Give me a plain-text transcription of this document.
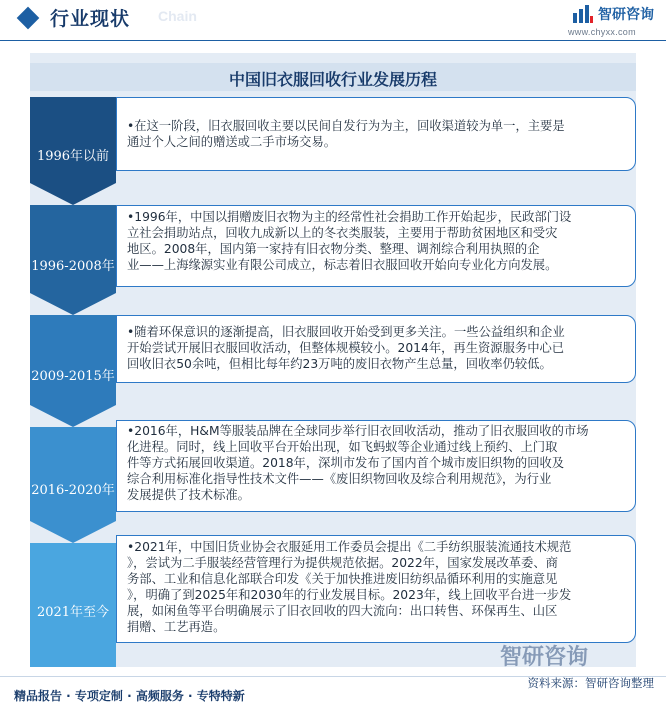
行业现状 Chain	智研咨询
www.chyxx.com
中国旧衣服回收行业发展历程
1996年以前
•在这一阶段，旧衣服回收主要以民间自发行为为主，回收渠道较为单一，主要是
通过个人之间的赠送或二手市场交易。
1996-2008年
•1996年，中国以捐赠废旧衣物为主的经常性社会捐助工作开始起步，民政部门设
立社会捐助站点，回收九成新以上的冬衣类服装，主要用于帮助贫困地区和受灾
地区。2008年，国内第一家持有旧衣物分类、整理、调剂综合利用执照的企
业——上海缘源实业有限公司成立，标志着旧衣服回收开始向专业化方向发展。
2009-2015年
•随着环保意识的逐渐提高，旧衣服回收开始受到更多关注。一些公益组织和企业
开始尝试开展旧衣服回收活动，但整体规模较小。2014年，再生资源服务中心已
回收旧衣50余吨，但相比每年约23万吨的废旧衣物产生总量，回收率仍较低。
2016-2020年
•2016年，H&M等服装品牌在全球同步举行旧衣回收活动，推动了旧衣服回收的市场
化进程。同时，线上回收平台开始出现，如飞蚂蚁等企业通过线上预约、上门取
件等方式拓展回收渠道。2018年，深圳市发布了国内首个城市废旧织物的回收及
综合利用标准化指导性技术文件——《废旧织物回收及综合利用规范》，为行业
发展提供了技术标准。
2021年至今
•2021年，中国旧货业协会衣服延用工作委员会提出《二手纺织服装流通技术规范
》，尝试为二手服装经营管理行为提供规范依据。2022年，国家发展改革委、商
务部、工业和信息化部联合印发《关于加快推进废旧纺织品循环利用的实施意见
》，明确了到2025年和2030年的行业发展目标。2023年，线上回收平台进一步发
展，如闲鱼等平台明确展示了旧衣回收的四大流向：出口转售、环保再生、山区
捐赠、工艺再造。
智研咨询
资料来源：智研咨询整理
精品报告 · 专项定制 · 高频服务 · 专特特新
